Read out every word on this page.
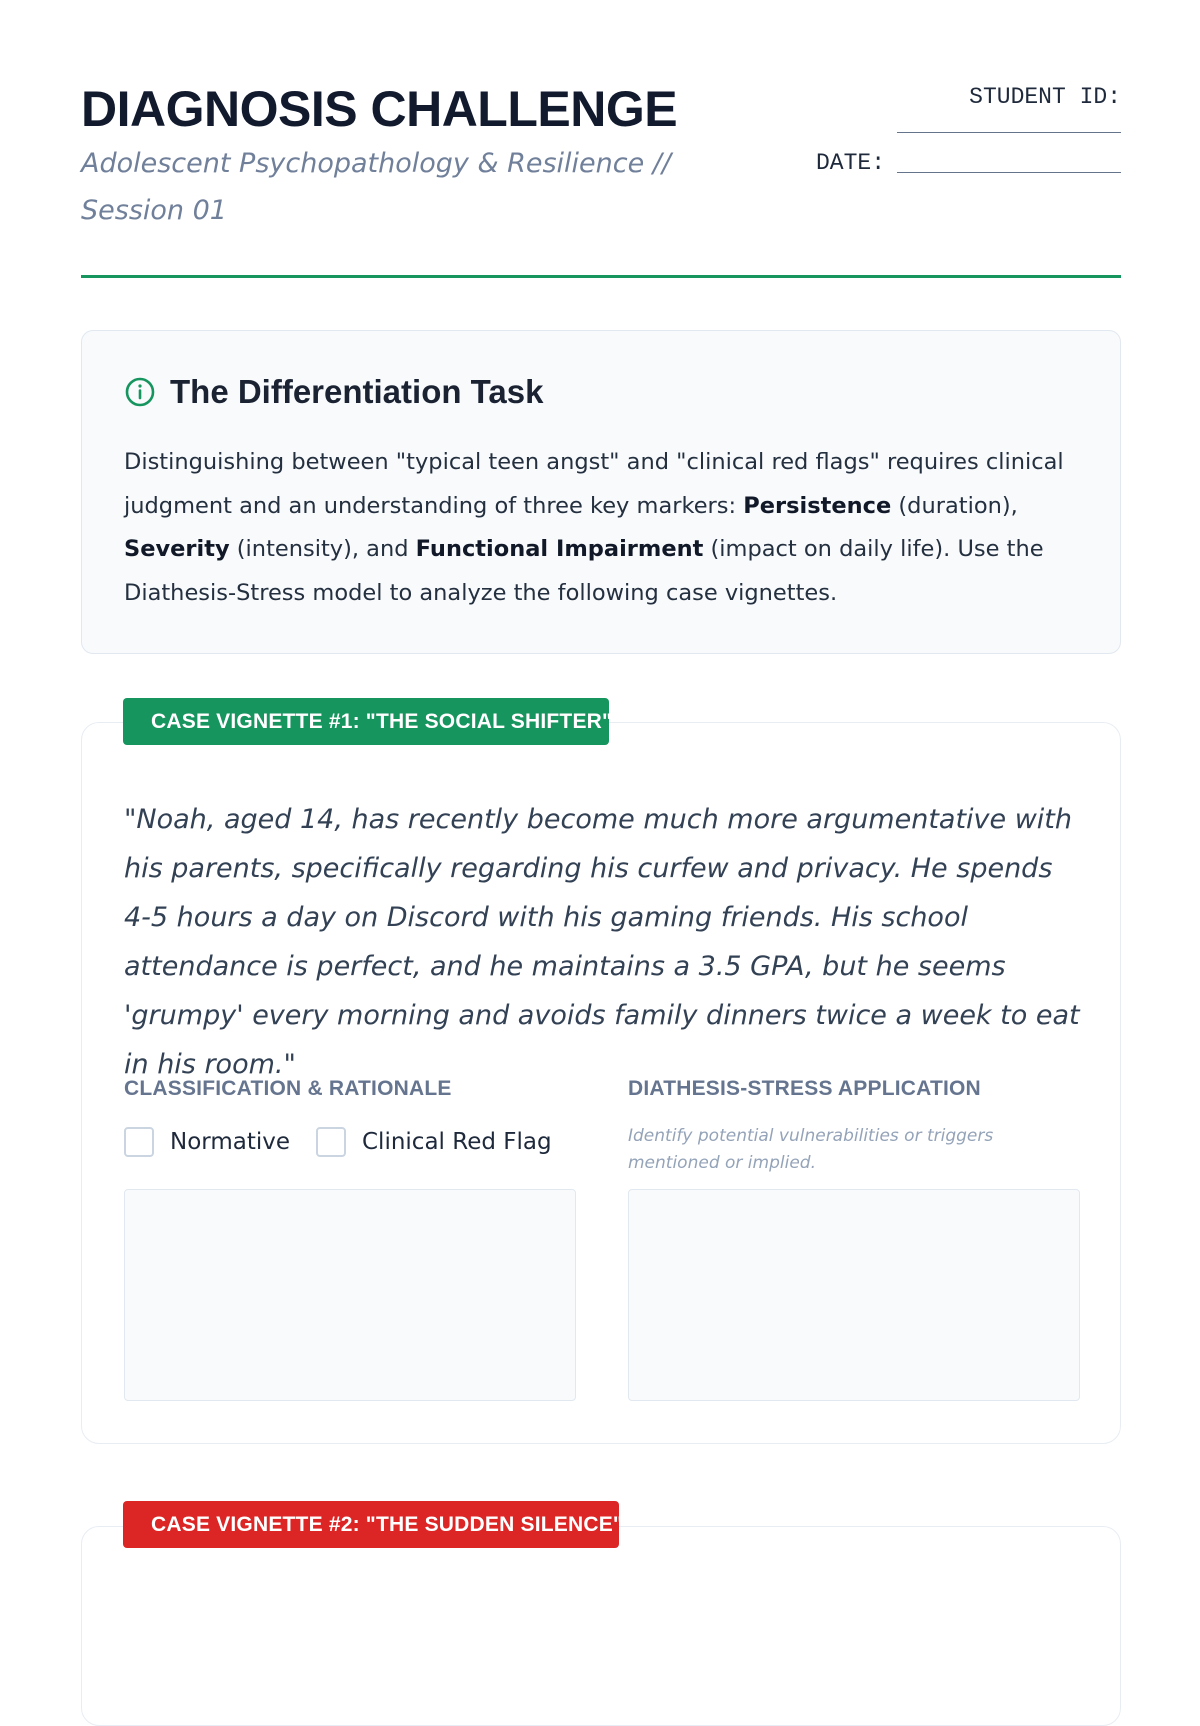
DIAGNOSIS CHALLENGE

Adolescent Psychopathology & Resilience // Session 01

STUDENT ID:
DATE:
The Differentiation Task

Distinguishing between "typical teen angst" and "clinical red flags" requires clinical judgment and an understanding of three key markers: Persistence (duration), Severity (intensity), and Functional Impairment (impact on daily life). Use the Diathesis-Stress model to analyze the following case vignettes.

"Noah, aged 14, has recently become much more argumentative with his parents, specifically regarding his curfew and privacy. He spends 4-5 hours a day on Discord with his gaming friends. His school attendance is perfect, and he maintains a 3.5 GPA, but he seems 'grumpy' every morning and avoids family dinners twice a week to eat in his room."

CLASSIFICATION & RATIONALE	DIATHESIS-STRESS APPLICATION
Normative	Clinical Red Flag	Identify potential vulnerabilities or triggers mentioned or implied.

CASE VIGNETTE #1: "THE SOCIAL SHIFTER"
CASE VIGNETTE #2: "THE SUDDEN SILENCE"
